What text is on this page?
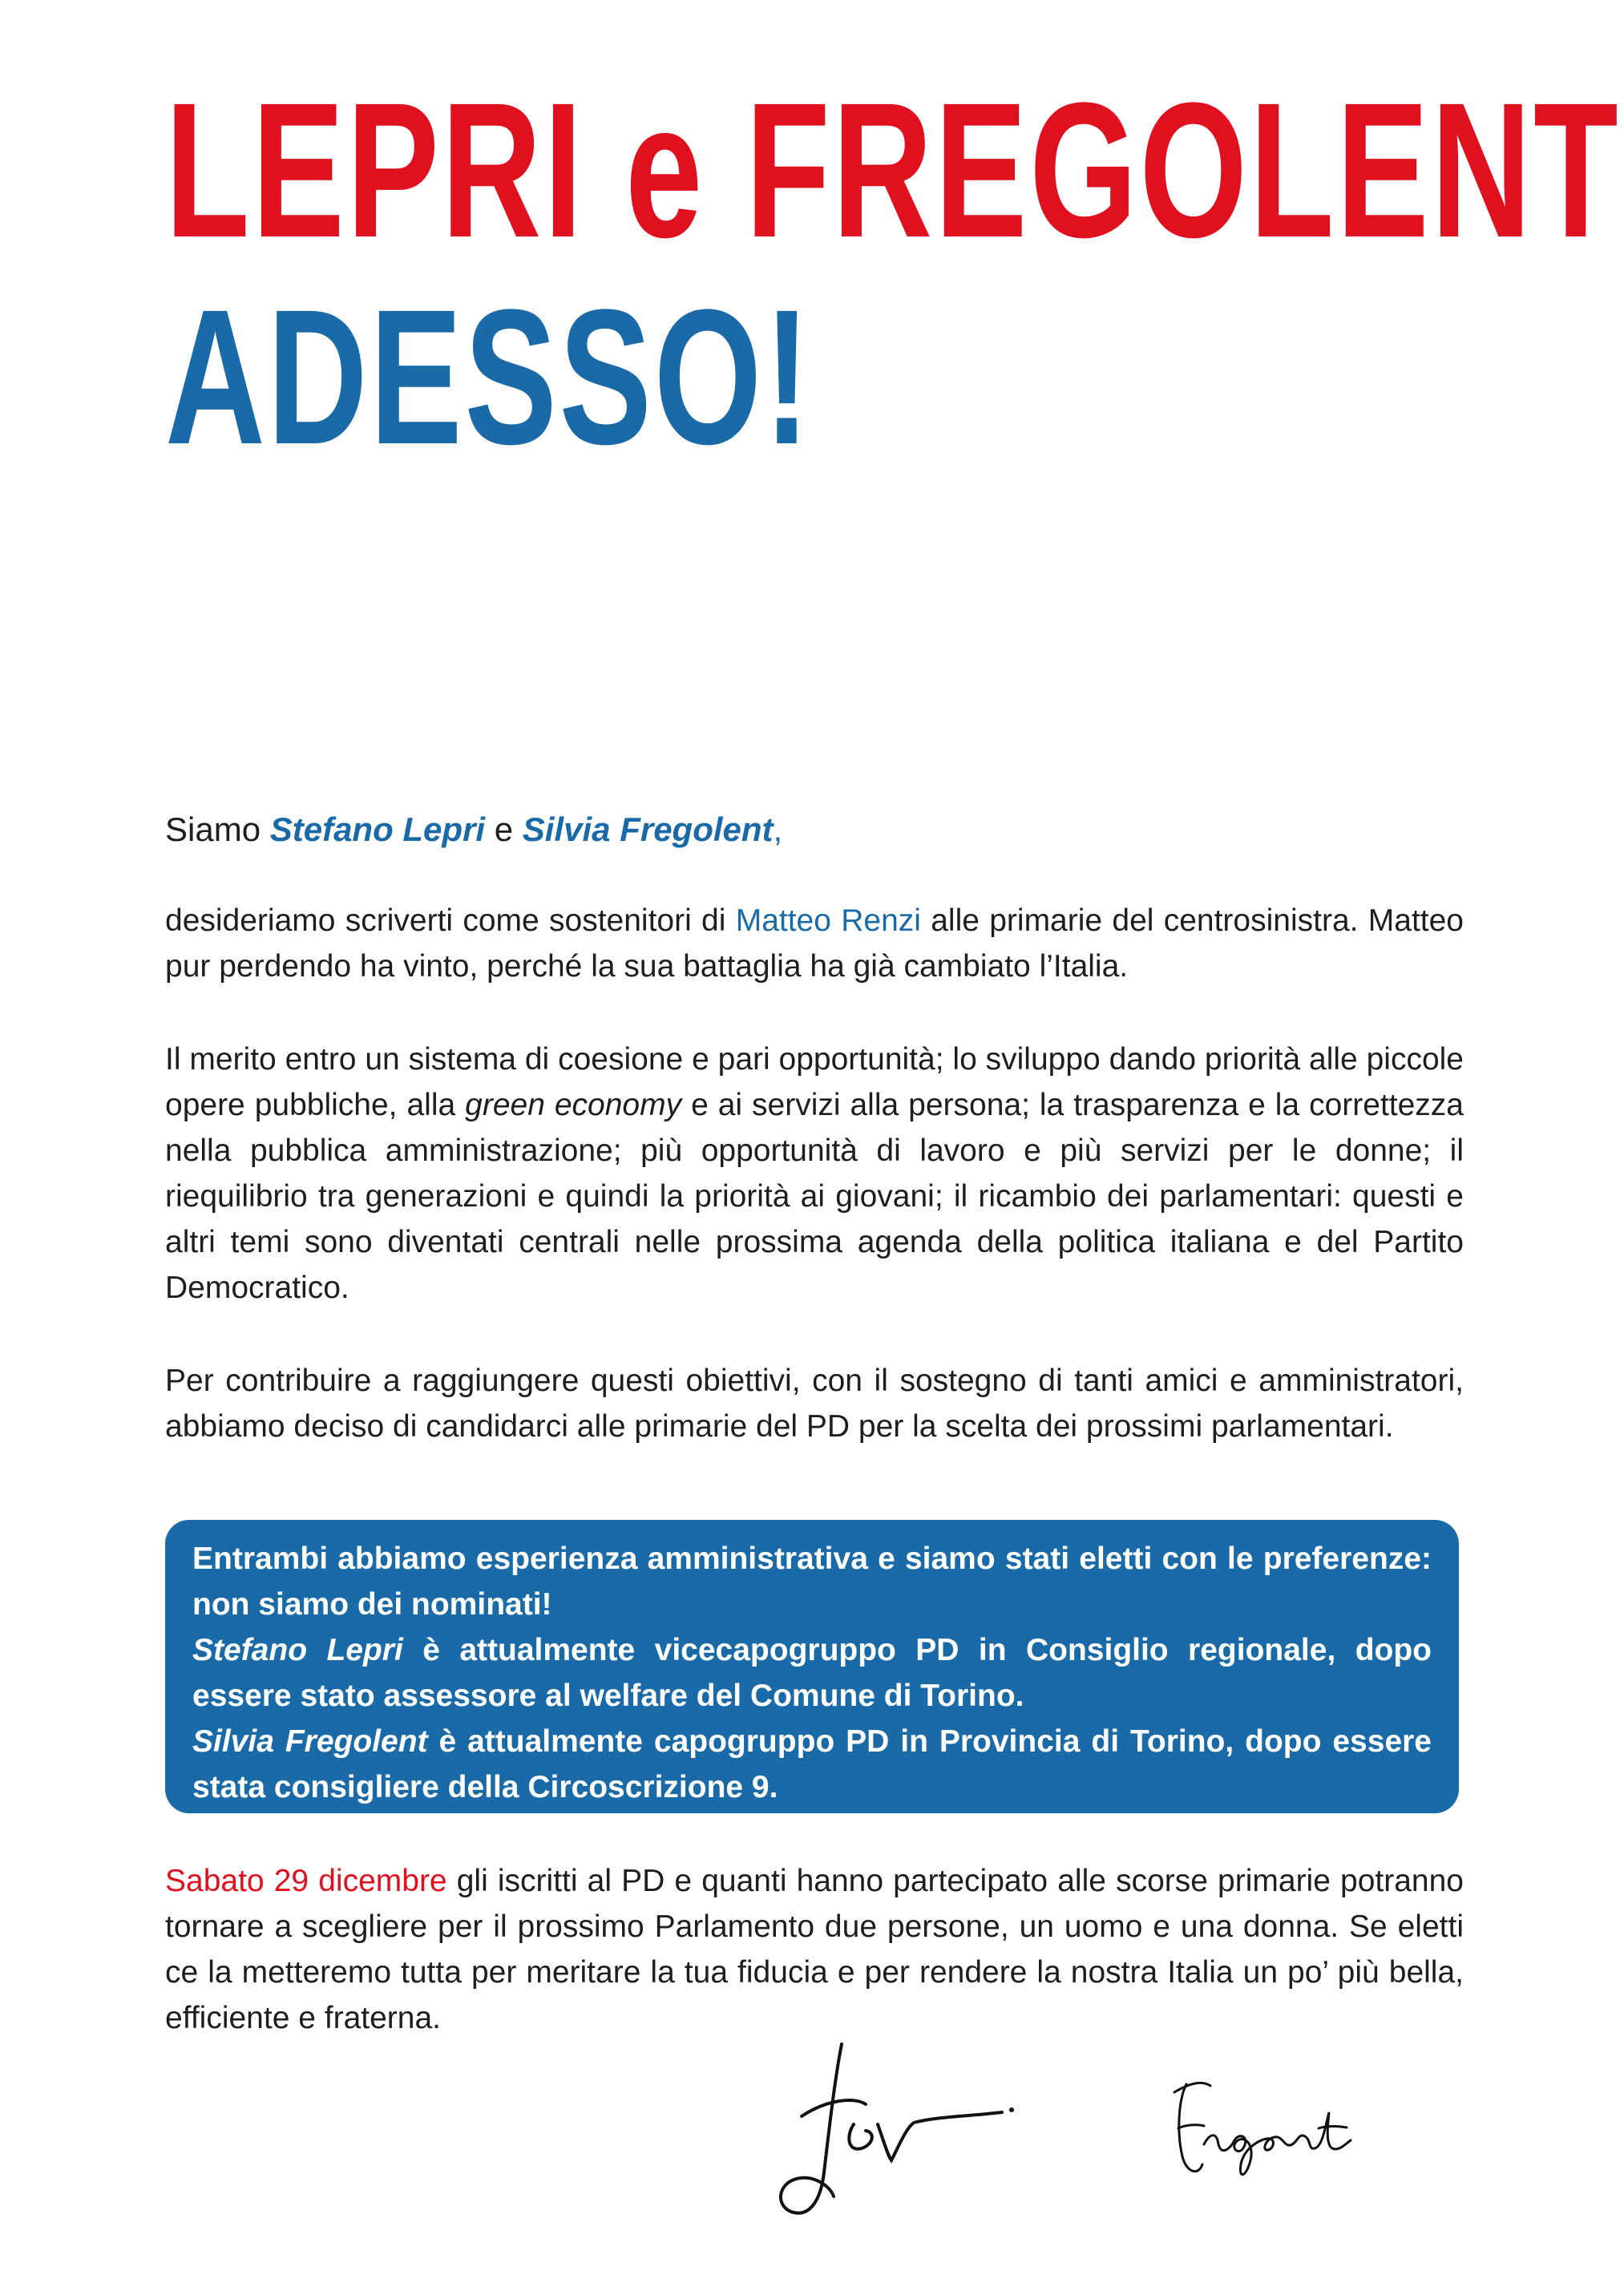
LEPRI e FREGOLENT
ADESSO!
Siamo Stefano Lepri e Silvia Fregolent,
desideriamo scriverti come sostenitori di Matteo Renzi alle primarie del centrosinistra. Matteo pur perdendo ha vinto, perché la sua battaglia ha già cambiato l’Italia.
Il merito entro un sistema di coesione e pari opportunità; lo sviluppo dando priorità alle piccole opere pubbliche, alla green economy e ai servizi alla persona; la trasparenza e la correttezza nella pubblica amministrazione; più opportunità di lavoro e più servizi per le donne; il riequilibrio tra generazioni e quindi la priorità ai giovani; il ricambio dei parlamentari: questi e altri temi sono diventati centrali nelle prossima agenda della politica italiana e del Partito Democratico.
Per contribuire a raggiungere questi obiettivi, con il sostegno di tanti amici e amministratori, abbiamo deciso di candidarci alle primarie del PD per la scelta dei prossimi parlamentari.
Entrambi abbiamo esperienza amministrativa e siamo stati eletti con le preferenze: non siamo dei nominati!
Stefano Lepri è attualmente vicecapogruppo PD in Consiglio regionale, dopo essere stato assessore al welfare del Comune di Torino.
Silvia Fregolent è attualmente capogruppo PD in Provincia di Torino, dopo essere stata consigliere della Circoscrizione 9.
Sabato 29 dicembre gli iscritti al PD e quanti hanno partecipato alle scorse primarie potranno tornare a scegliere per il prossimo Parlamento due persone, un uomo e una donna. Se eletti ce la metteremo tutta per meritare la tua fiducia e per rendere la nostra Italia un po’ più bella, efficiente e fraterna.
